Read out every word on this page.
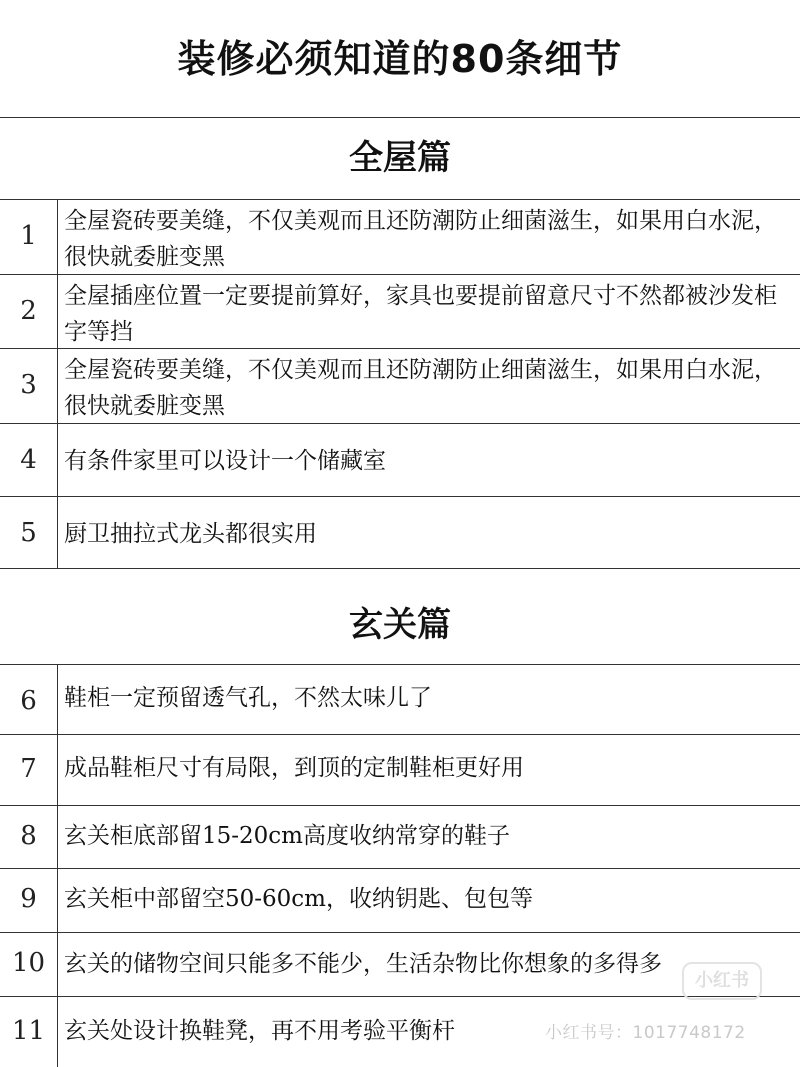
装修必须知道的80条细节
全屋篇
1	全屋瓷砖要美缝，不仅美观而且还防潮防止细菌滋生，如果用白水泥，很快就委脏变黑
2	全屋插座位置一定要提前算好，家具也要提前留意尺寸不然都被沙发柜字等挡
3	全屋瓷砖要美缝，不仅美观而且还防潮防止细菌滋生，如果用白水泥，很快就委脏变黑
4	有条件家里可以设计一个储藏室
5	厨卫抽拉式龙头都很实用
玄关篇
6	鞋柜一定预留透气孔，不然太味儿了
7	成品鞋柜尺寸有局限，到顶的定制鞋柜更好用
8	玄关柜底部留15-20cm高度收纳常穿的鞋子
9	玄关柜中部留空50-60cm，收纳钥匙、包包等
10 玄关的储物空间只能多不能少，生活杂物比你想象的多得多
11 玄关处设计换鞋凳，再不用考验平衡杆
小红书
小红书号：1017748172
